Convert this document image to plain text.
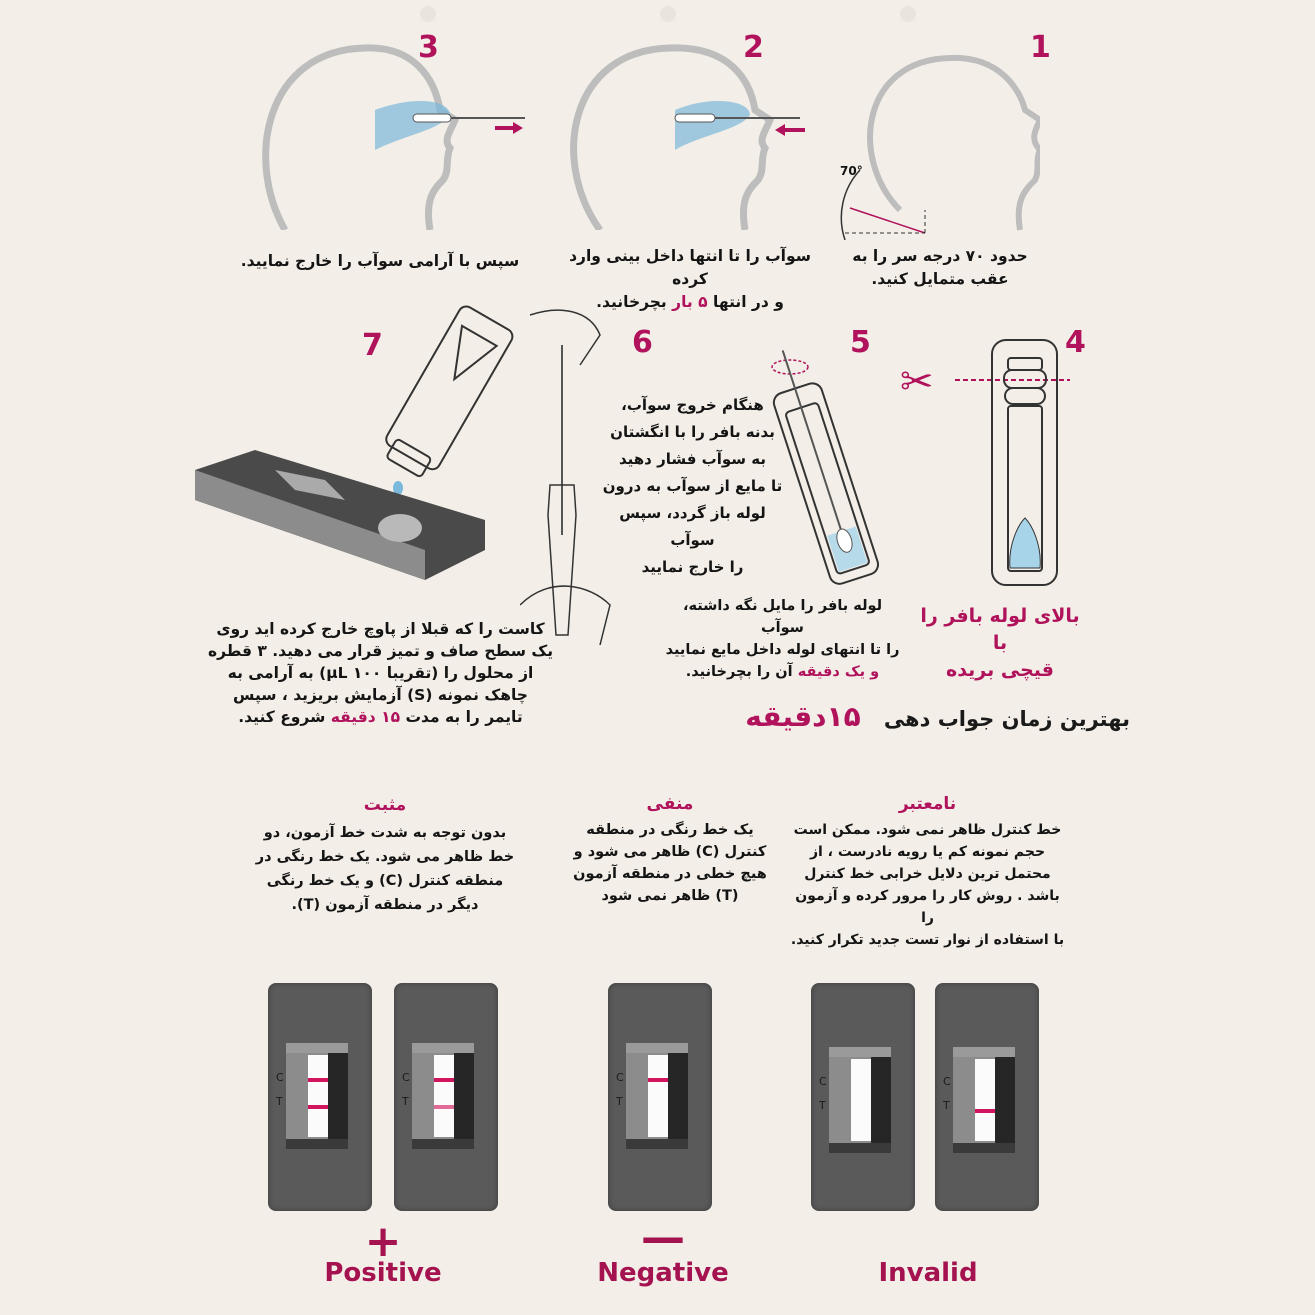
1
70°
حدود ۷۰ درجه سر را به
عقب متمایل کنید.
2
سوآب را تا انتها داخل بینی وارد کرده
و در انتها ۵ بار بچرخانید.
3
سپس با آرامی سوآب را خارج نمایید.
4
✂
بالای لوله بافر را با
قیچی بریده
5
لوله بافر را مایل نگه داشته، سوآب
را تا انتهای لوله داخل مایع نمایید
و یک دقیقه آن را بچرخانید.
6
هنگام خروج سوآب،
بدنه بافر را با انگشتان
به سوآب فشار دهید
تا مایع از سوآب به درون
لوله باز گردد، سپس سوآب
را خارج نمایید
7
کاست را که قبلا از پاوچ خارج کرده اید روی
یک سطح صاف و تمیز قرار می دهید. ۳ قطره
از محلول را (تقریبا ۱۰۰ µL) به آرامی به
چاهک نمونه (S) آزمایش بریزید ، سپس
تایمر را به مدت ۱۵ دقیقه شروع کنید.	بهترین زمان جواب دهی ۱۵دقیقه
نامعتبر
خط کنترل ظاهر نمی شود. ممکن است
حجم نمونه کم یا رویه نادرست ، از
محتمل ترین دلایل خرابی خط کنترل
باشد . روش کار را مرور کرده و آزمون را
با استفاده از نوار تست جدید تکرار کنید.
منفی
یک خط رنگی در منطقه
کنترل (C) ظاهر می شود و
هیچ خطی در منطقه آزمون
(T) ظاهر نمی شود
مثبت
بدون توجه به شدت خط آزمون، دو
خط ظاهر می شود. یک خط رنگی در
منطقه کنترل (C) و یک خط رنگی
دیگر در منطقه آزمون (T).
C
T
C
T
C
T
C
T
C
T
+
Positive
—
Negative	Invalid
